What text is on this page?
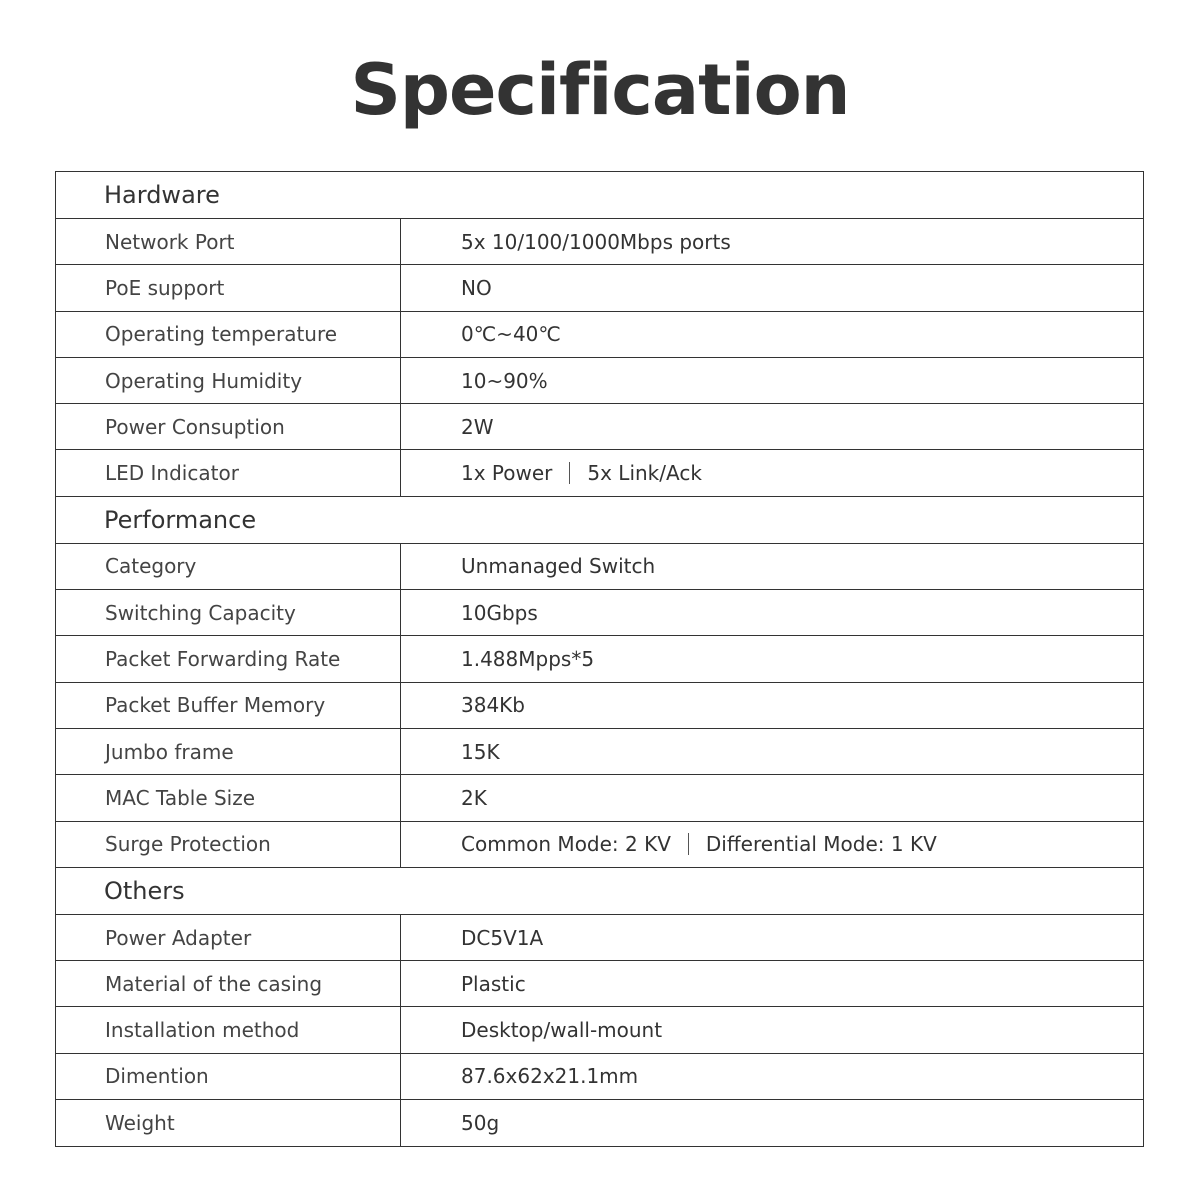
Specification
Hardware
Network Port	5x 10/100/1000Mbps ports
PoE support	NO
Operating temperature	0℃~40℃
Operating Humidity	10~90%
Power Consuption	2W
LED Indicator	1x Power 5x Link/Ack
Performance
Category	Unmanaged Switch
Switching Capacity	10Gbps
Packet Forwarding Rate	1.488Mpps*5
Packet Buffer Memory	384Kb
Jumbo frame	15K
MAC Table Size	2K
Surge Protection	Common Mode: 2 KV Differential Mode: 1 KV
Others
Power Adapter	DC5V1A
Material of the casing	Plastic
Installation method	Desktop/wall-mount
Dimention	87.6x62x21.1mm
Weight	50g
